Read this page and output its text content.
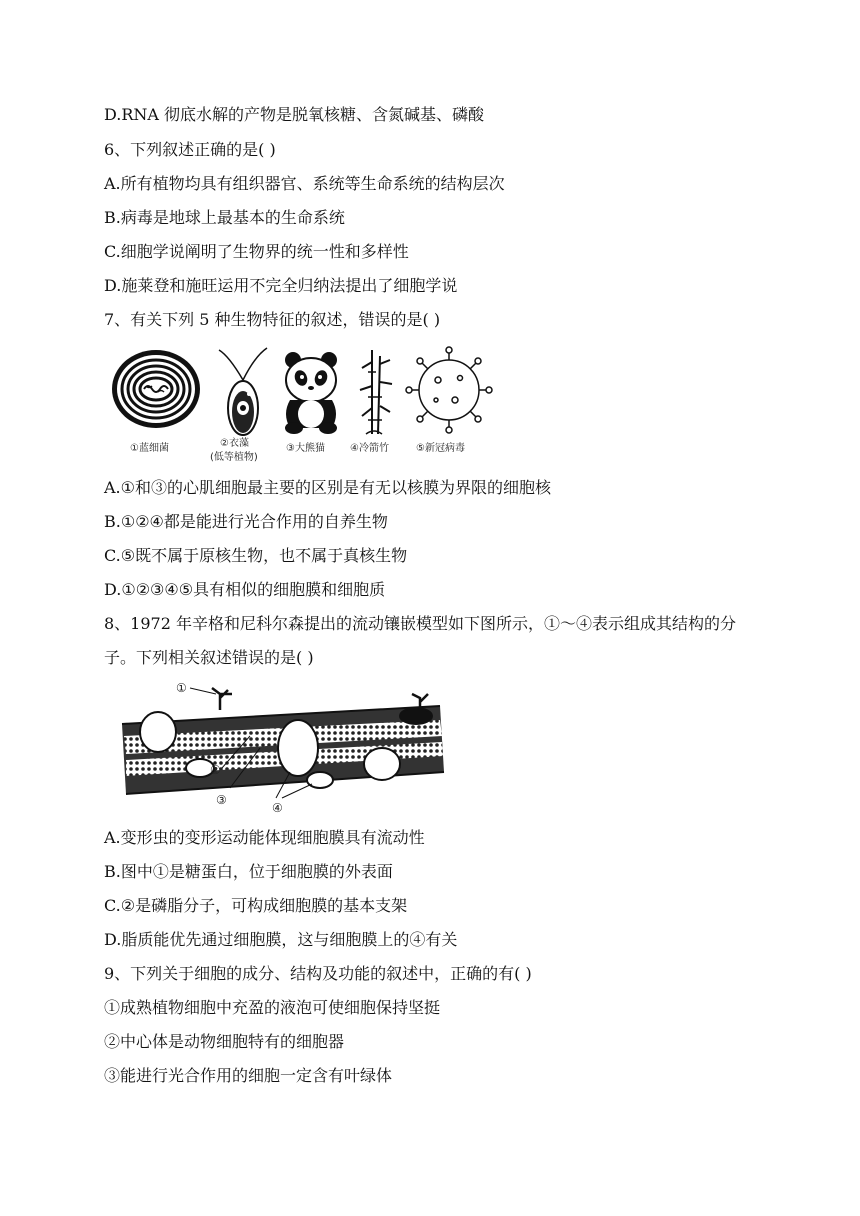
D.RNA 彻底水解的产物是脱氧核糖、含氮碱基、磷酸
6、下列叙述正确的是( )
A.所有植物均具有组织器官、系统等生命系统的结构层次
B.病毒是地球上最基本的生命系统
C.细胞学说阐明了生物界的统一性和多样性
D.施莱登和施旺运用不完全归纳法提出了细胞学说
7、有关下列 5 种生物特征的叙述，错误的是( )
①蓝细菌	②衣藻
(低等植物)
③大熊猫	④冷箭竹	⑤新冠病毒
A.①和③的心肌细胞最主要的区别是有无以核膜为界限的细胞核
B.①②④都是能进行光合作用的自养生物
C.⑤既不属于原核生物，也不属于真核生物
D.①②③④⑤具有相似的细胞膜和细胞质
8、1972 年辛格和尼科尔森提出的流动镶嵌模型如下图所示，①～④表示组成其结构的分
子。下列相关叙述错误的是( )
①
②
③
④
A.变形虫的变形运动能体现细胞膜具有流动性
B.图中①是糖蛋白，位于细胞膜的外表面
C.②是磷脂分子，可构成细胞膜的基本支架
D.脂质能优先通过细胞膜，这与细胞膜上的④有关
9、下列关于细胞的成分、结构及功能的叙述中，正确的有( )
①成熟植物细胞中充盈的液泡可使细胞保持坚挺
②中心体是动物细胞特有的细胞器
③能进行光合作用的细胞一定含有叶绿体
